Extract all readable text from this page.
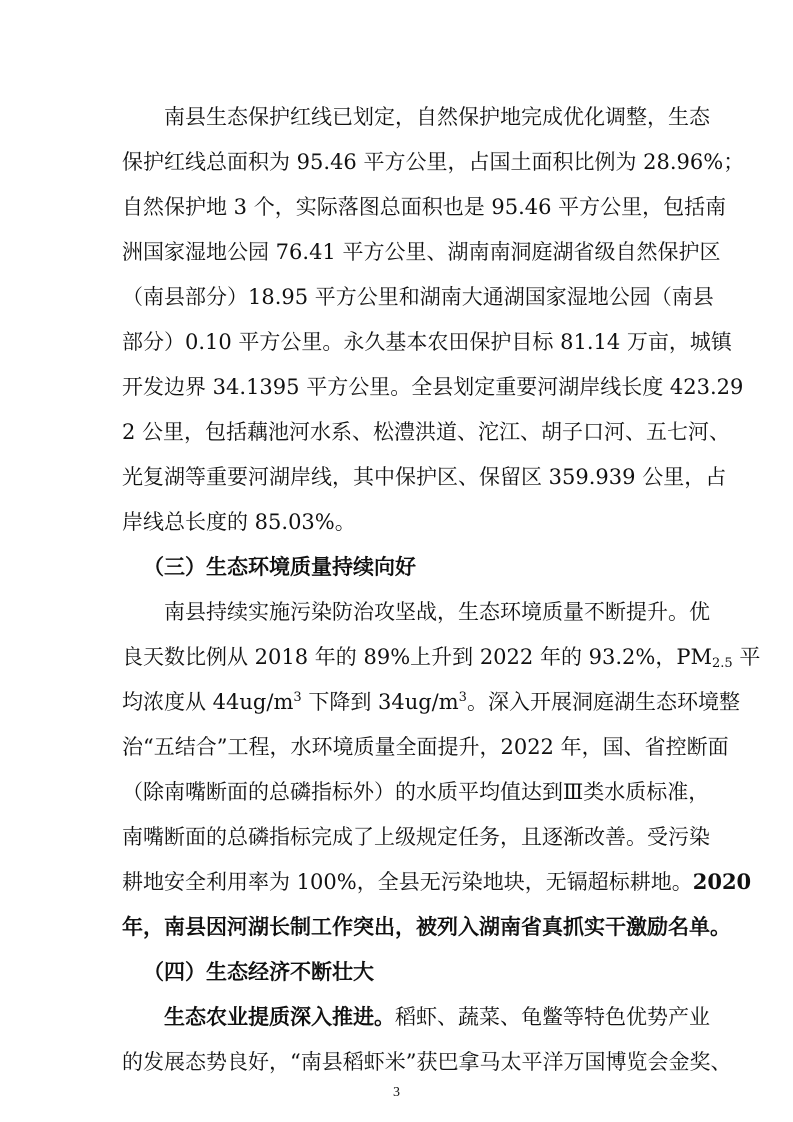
南县生态保护红线已划定，自然保护地完成优化调整，生态
保护红线总面积为 95.46 平方公里，占国土面积比例为 28.96%；
自然保护地 3 个，实际落图总面积也是 95.46 平方公里，包括南
洲国家湿地公园 76.41 平方公里、湖南南洞庭湖省级自然保护区
（南县部分）18.95 平方公里和湖南大通湖国家湿地公园（南县
部分）0.10 平方公里。永久基本农田保护目标 81.14 万亩，城镇
开发边界 34.1395 平方公里。全县划定重要河湖岸线长度 423.29
2 公里，包括藕池河水系、松澧洪道、沱江、胡子口河、五七河、
光复湖等重要河湖岸线，其中保护区、保留区 359.939 公里，占
岸线总长度的 85.03%。
（三）生态环境质量持续向好
南县持续实施污染防治攻坚战，生态环境质量不断提升。优
良天数比例从 2018 年的 89%上升到 2022 年的 93.2%，$PM_{2.5}$ 平
均浓度从 $44ug/m^3$ 下降到 $34ug/m^3$。深入开展洞庭湖生态环境整
治“五结合”工程，水环境质量全面提升，2022 年，国、省控断面
（除南嘴断面的总磷指标外）的水质平均值达到Ⅲ类水质标准，
南嘴断面的总磷指标完成了上级规定任务，且逐渐改善。受污染
耕地安全利用率为 100%，全县无污染地块，无镉超标耕地。2020
年，南县因河湖长制工作突出，被列入湖南省真抓实干激励名单。
（四）生态经济不断壮大
生态农业提质深入推进。稻虾、蔬菜、龟鳖等特色优势产业
的发展态势良好，“南县稻虾米”获巴拿马太平洋万国博览会金奖、
3
